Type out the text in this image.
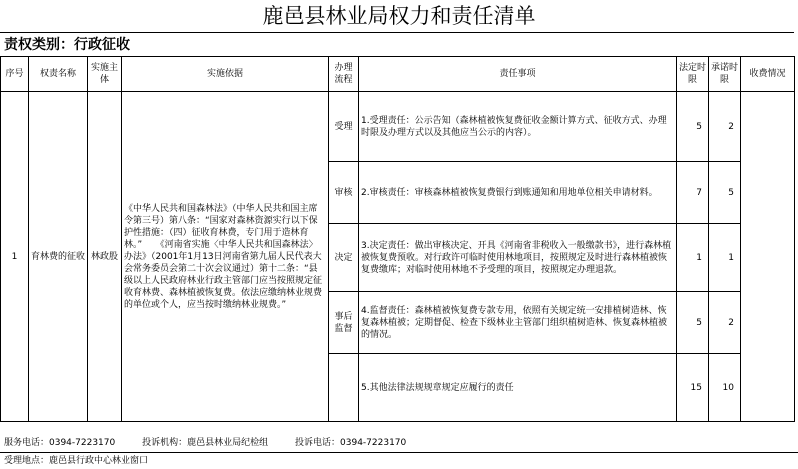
鹿邑县林业局权力和责任清单
责权类别：行政征收
序号	权责名称	实施主体	实施依据	办理流程	责任事项	法定时限	承诺时限	收费情况
1	育林费的征收	林政股	《中华人民共和国森林法》（中华人民共和国主席令第三号）第八条：“国家对森林资源实行以下保护性措施：（四）征收育林费，专门用于造林育林。”　　《河南省实施〈中华人民共和国森林法〉办法》（2001年1月13日河南省第九届人民代表大会常务委员会第二十次会议通过）第十二条：“县级以上人民政府林业行政主管部门应当按照规定征收育林费、森林植被恢复费。依法应缴纳林业规费的单位或个人，应当按时缴纳林业规费。”	受理	1.受理责任：公示告知（森林植被恢复费征收金额计算方式、征收方式、办理时限及办理方式以及其他应当公示的内容）。	5	2	
				审核	2.审核责任：审核森林植被恢复费银行到账通知和用地单位相关申请材料。	7	5	
				决定	3.决定责任：做出审核决定、开具《河南省非税收入一般缴款书》，进行森林植被恢复费预收。对行政许可临时使用林地项目，按照规定及时进行森林植被恢复费缴库；对临时使用林地不予受理的项目，按照规定办理退款。	1	1	
				事后监督	4.监督责任：森林植被恢复费专款专用，依照有关规定统一安排植树造林、恢复森林植被；定期督促、检查下级林业主管部门组织植树造林、恢复森林植被的情况。	5	2	
					5.其他法律法规规章规定应履行的责任	15	10	
服务电话：0394-7223170	投诉机构：鹿邑县林业局纪检组	投诉电话：0394-7223170
受理地点：鹿邑县行政中心林业窗口
